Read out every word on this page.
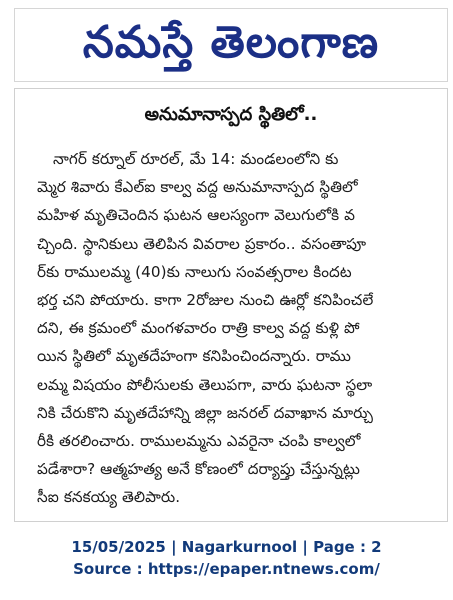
నమస్తే తెలంగాణ
అనుమానాస్పద స్థితిలో..
నాగర్ కర్నూల్ రూరల్, మే 14: మండలంలోని కు
మ్మెర శివారు కేఎల్ఐ కాల్వ వద్ద అనుమానాస్పద స్థితిలో
మహిళ మృతిచెందిన ఘటన ఆలస్యంగా వెలుగులోకి వ
చ్చింది. స్థానికులు తెలిపిన వివరాల ప్రకారం.. వసంతాపూ
ర్‌కు రాములమ్మ (40)కు నాలుగు సంవత్సరాల కిందట
భర్త చని పోయారు. కాగా 2రోజుల నుంచి ఊర్లో కనిపించలే
దని, ఈ క్రమంలో మంగళవారం రాత్రి కాల్వ వద్ద కుళ్లి పో
యిన స్థితిలో మృతదేహంగా కనిపించిందన్నారు. రాము
లమ్మ విషయం పోలీసులకు తెలుపగా, వారు ఘటనా స్థలా
నికి చేరుకొని మృతదేహాన్ని జిల్లా జనరల్ దవాఖాన మార్చు
రీకి తరలించారు. రాములమ్మను ఎవరైనా చంపి కాల్వలో
పడేశారా? ఆత్మహత్య అనే కోణంలో దర్యాప్తు చేస్తున్నట్లు
సీఐ కనకయ్య తెలిపారు.
15/05/2025 | Nagarkurnool | Page : 2
Source : https://epaper.ntnews.com/
